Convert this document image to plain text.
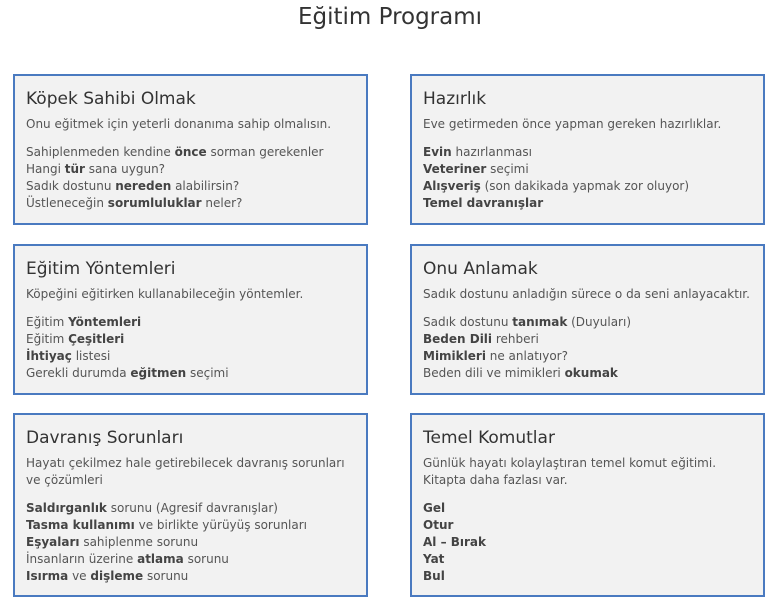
Eğitim Programı
Köpek Sahibi Olmak

Onu eğitmek için yeterli donanıma sahip olmalısın.

Sahiplenmeden kendine önce sorman gerekenler
Hangi tür sana uygun?
Sadık dostunu nereden alabilirsin?
Üstleneceğin sorumluluklar neler?
Hazırlık

Eve getirmeden önce yapman gereken hazırlıklar.

Evin hazırlanması
Veteriner seçimi
Alışveriş (son dakikada yapmak zor oluyor)
Temel davranışlar
Eğitim Yöntemleri

Köpeğini eğitirken kullanabileceğin yöntemler.

Eğitim Yöntemleri
Eğitim Çeşitleri
İhtiyaç listesi
Gerekli durumda eğitmen seçimi
Onu Anlamak

Sadık dostunu anladığın sürece o da seni anlayacaktır.

Sadık dostunu tanımak (Duyuları)
Beden Dili rehberi
Mimikleri ne anlatıyor?
Beden dili ve mimikleri okumak
Davranış Sorunları

Hayatı çekilmez hale getirebilecek davranış sorunları ve çözümleri

Saldırganlık sorunu (Agresif davranışlar)
Tasma kullanımı ve birlikte yürüyüş sorunları
Eşyaları sahiplenme sorunu
İnsanların üzerine atlama sorunu
Isırma ve dişleme sorunu
Temel Komutlar

Günlük hayatı kolaylaştıran temel komut eğitimi. Kitapta daha fazlası var.

Gel
Otur
Al – Bırak
Yat
Bul
